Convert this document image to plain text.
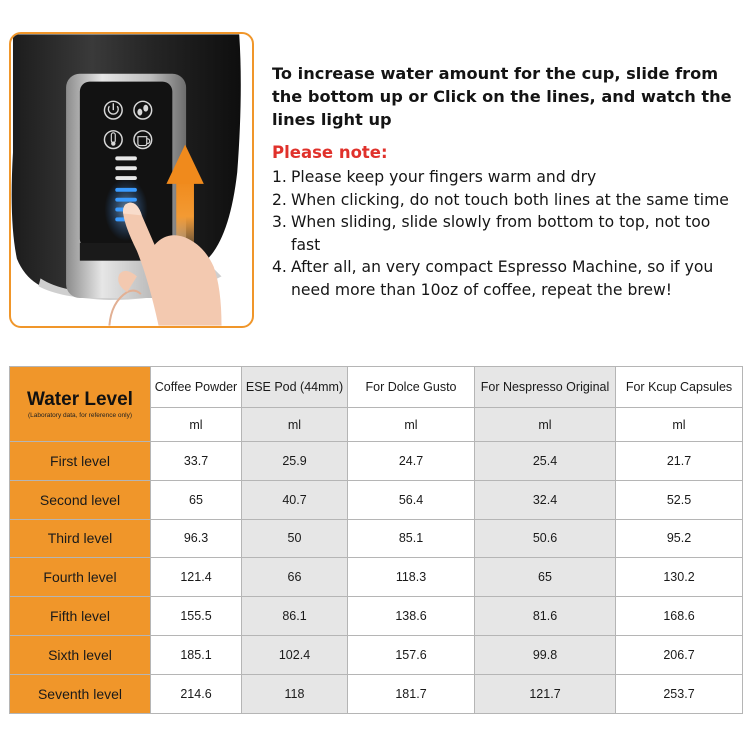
To increase water amount for the cup, slide from the bottom up or Click on the lines, and watch the lines light up

Please note:

1. Please keep your fingers warm and dry
2. When clicking, do not touch both lines at the same time
3. When sliding, slide slowly from bottom to top, not too fast
4. After all, an very compact Espresso Machine, so if you need more than 10oz of coffee, repeat the brew!
Water Level
(Laboratory data, for reference only)	Coffee Powder	ESE Pod (44mm)	For Dolce Gusto	For Nespresso Original	For Kcup Capsules
	ml	ml	ml	ml	ml
First level	33.7	25.9	24.7	25.4	21.7
Second level	65	40.7	56.4	32.4	52.5
Third level	96.3	50	85.1	50.6	95.2
Fourth level	121.4	66	118.3	65	130.2
Fifth level	155.5	86.1	138.6	81.6	168.6
Sixth level	185.1	102.4	157.6	99.8	206.7
Seventh level	214.6	118	181.7	121.7	253.7
